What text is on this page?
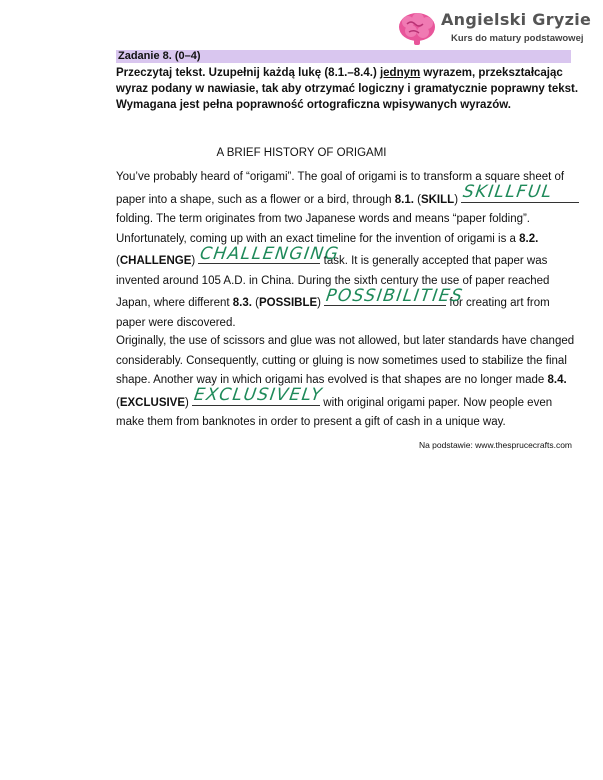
Angielski Gryzie
Kurs do matury podstawowej
Zadanie 8. (0–4)
Przeczytaj tekst. Uzupełnij każdą lukę (8.1.–8.4.) jednym wyrazem, przekształcając wyraz podany w nawiasie, tak aby otrzymać logiczny i gramatycznie poprawny tekst. Wymagana jest pełna poprawność ortograficzna wpisywanych wyrazów.
A BRIEF HISTORY OF ORIGAMI
You’ve probably heard of “origami”. The goal of origami is to transform a square sheet of paper into a shape, such as a flower or a bird, through 8.1. (SKILL) SKILLFUL
folding. The term originates from two Japanese words and means “paper folding”. Unfortunately, coming up with an exact timeline for the invention of origami is a 8.2. (CHALLENGE) CHALLENGING
task. It is generally accepted that paper was invented around 105 A.D. in China. During the sixth century the use of paper reached Japan, where different 8.3. (POSSIBLE) POSSIBILITIES
for creating art from paper were discovered.
Originally, the use of scissors and glue was not allowed, but later standards have changed considerably. Consequently, cutting or gluing is now sometimes used to stabilize the final shape. Another way in which origami has evolved is that shapes are no longer made 8.4. (EXCLUSIVE) EXCLUSIVELY
with original origami paper. Now people even make them from banknotes in order to present a gift of cash in a unique way.
Na podstawie: www.thesprucecrafts.com
